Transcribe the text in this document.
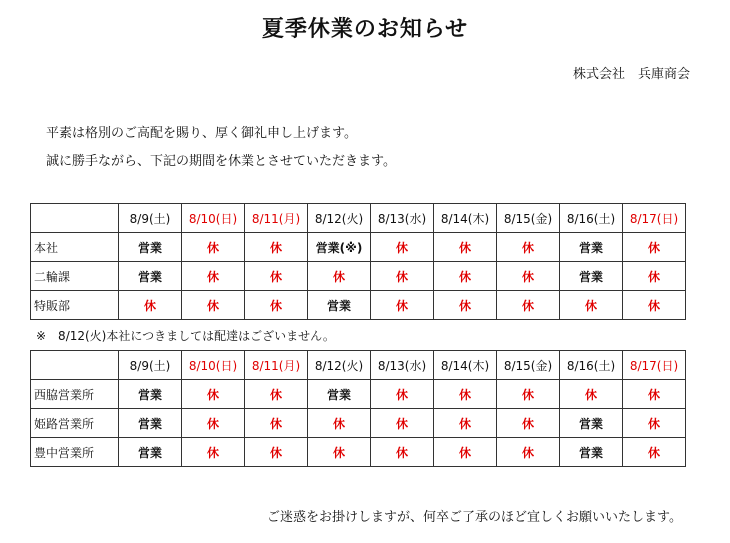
夏季休業のお知らせ
株式会社　兵庫商会
平素は格別のご高配を賜り、厚く御礼申し上げます。
誠に勝手ながら、下記の期間を休業とさせていただきます。
	8/9(土)	8/10(日)	8/11(月)	8/12(火)	8/13(水)	8/14(木)	8/15(金)	8/16(土)	8/17(日)
本社	営業	休	休	営業(※)	休	休	休	営業	休
二輪課	営業	休	休	休	休	休	休	営業	休
特販部	休	休	休	営業	休	休	休	休	休
※　8/12(火)本社につきましては配達はございません。
	8/9(土)	8/10(日)	8/11(月)	8/12(火)	8/13(水)	8/14(木)	8/15(金)	8/16(土)	8/17(日)
西脇営業所	営業	休	休	営業	休	休	休	休	休
姫路営業所	営業	休	休	休	休	休	休	営業	休
豊中営業所	営業	休	休	休	休	休	休	営業	休
ご迷惑をお掛けしますが、何卒ご了承のほど宜しくお願いいたします。
